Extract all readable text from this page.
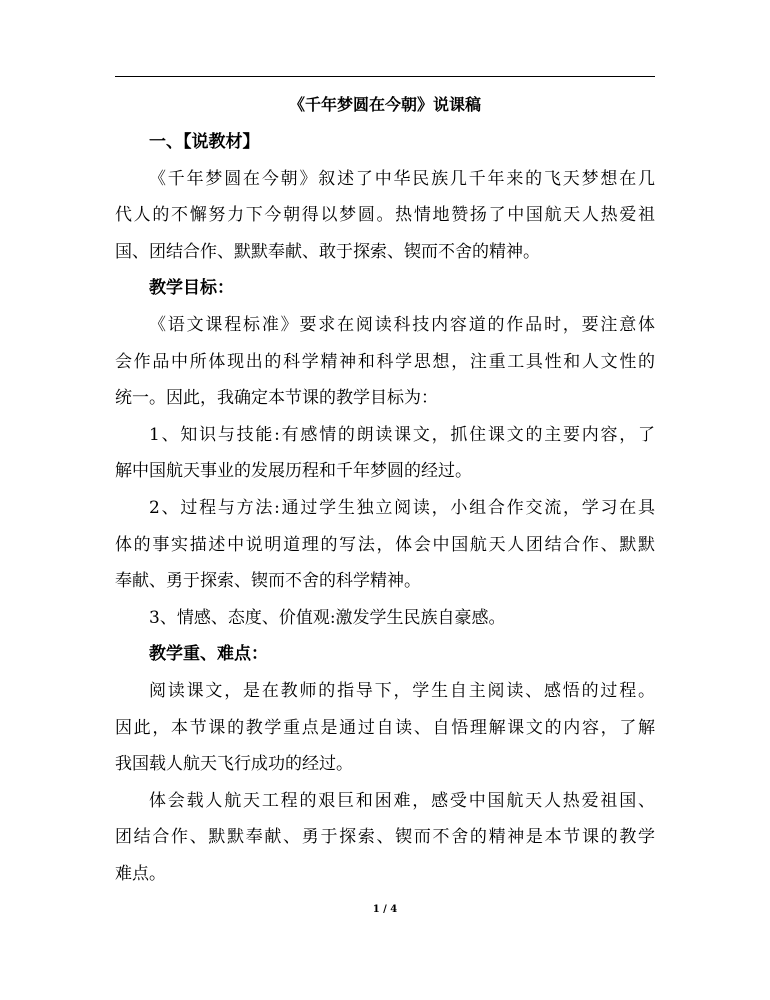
《千年梦圆在今朝》说课稿
一、【说教材】
《千年梦圆在今朝》叙述了中华民族几千年来的飞天梦想在几
代人的不懈努力下今朝得以梦圆。热情地赞扬了中国航天人热爱祖
国、团结合作、默默奉献、敢于探索、锲而不舍的精神。
教学目标：
《语文课程标准》要求在阅读科技内容道的作品时，要注意体
会作品中所体现出的科学精神和科学思想，注重工具性和人文性的
统一。因此，我确定本节课的教学目标为：
1、知识与技能:有感情的朗读课文，抓住课文的主要内容，了
解中国航天事业的发展历程和千年梦圆的经过。
2、过程与方法:通过学生独立阅读，小组合作交流，学习在具
体的事实描述中说明道理的写法，体会中国航天人团结合作、默默
奉献、勇于探索、锲而不舍的科学精神。
3、情感、态度、价值观:激发学生民族自豪感。
教学重、难点：
阅读课文，是在教师的指导下，学生自主阅读、感悟的过程。
因此，本节课的教学重点是通过自读、自悟理解课文的内容，了解
我国载人航天飞行成功的经过。
体会载人航天工程的艰巨和困难，感受中国航天人热爱祖国、
团结合作、默默奉献、勇于探索、锲而不舍的精神是本节课的教学
难点。
1 / 4
